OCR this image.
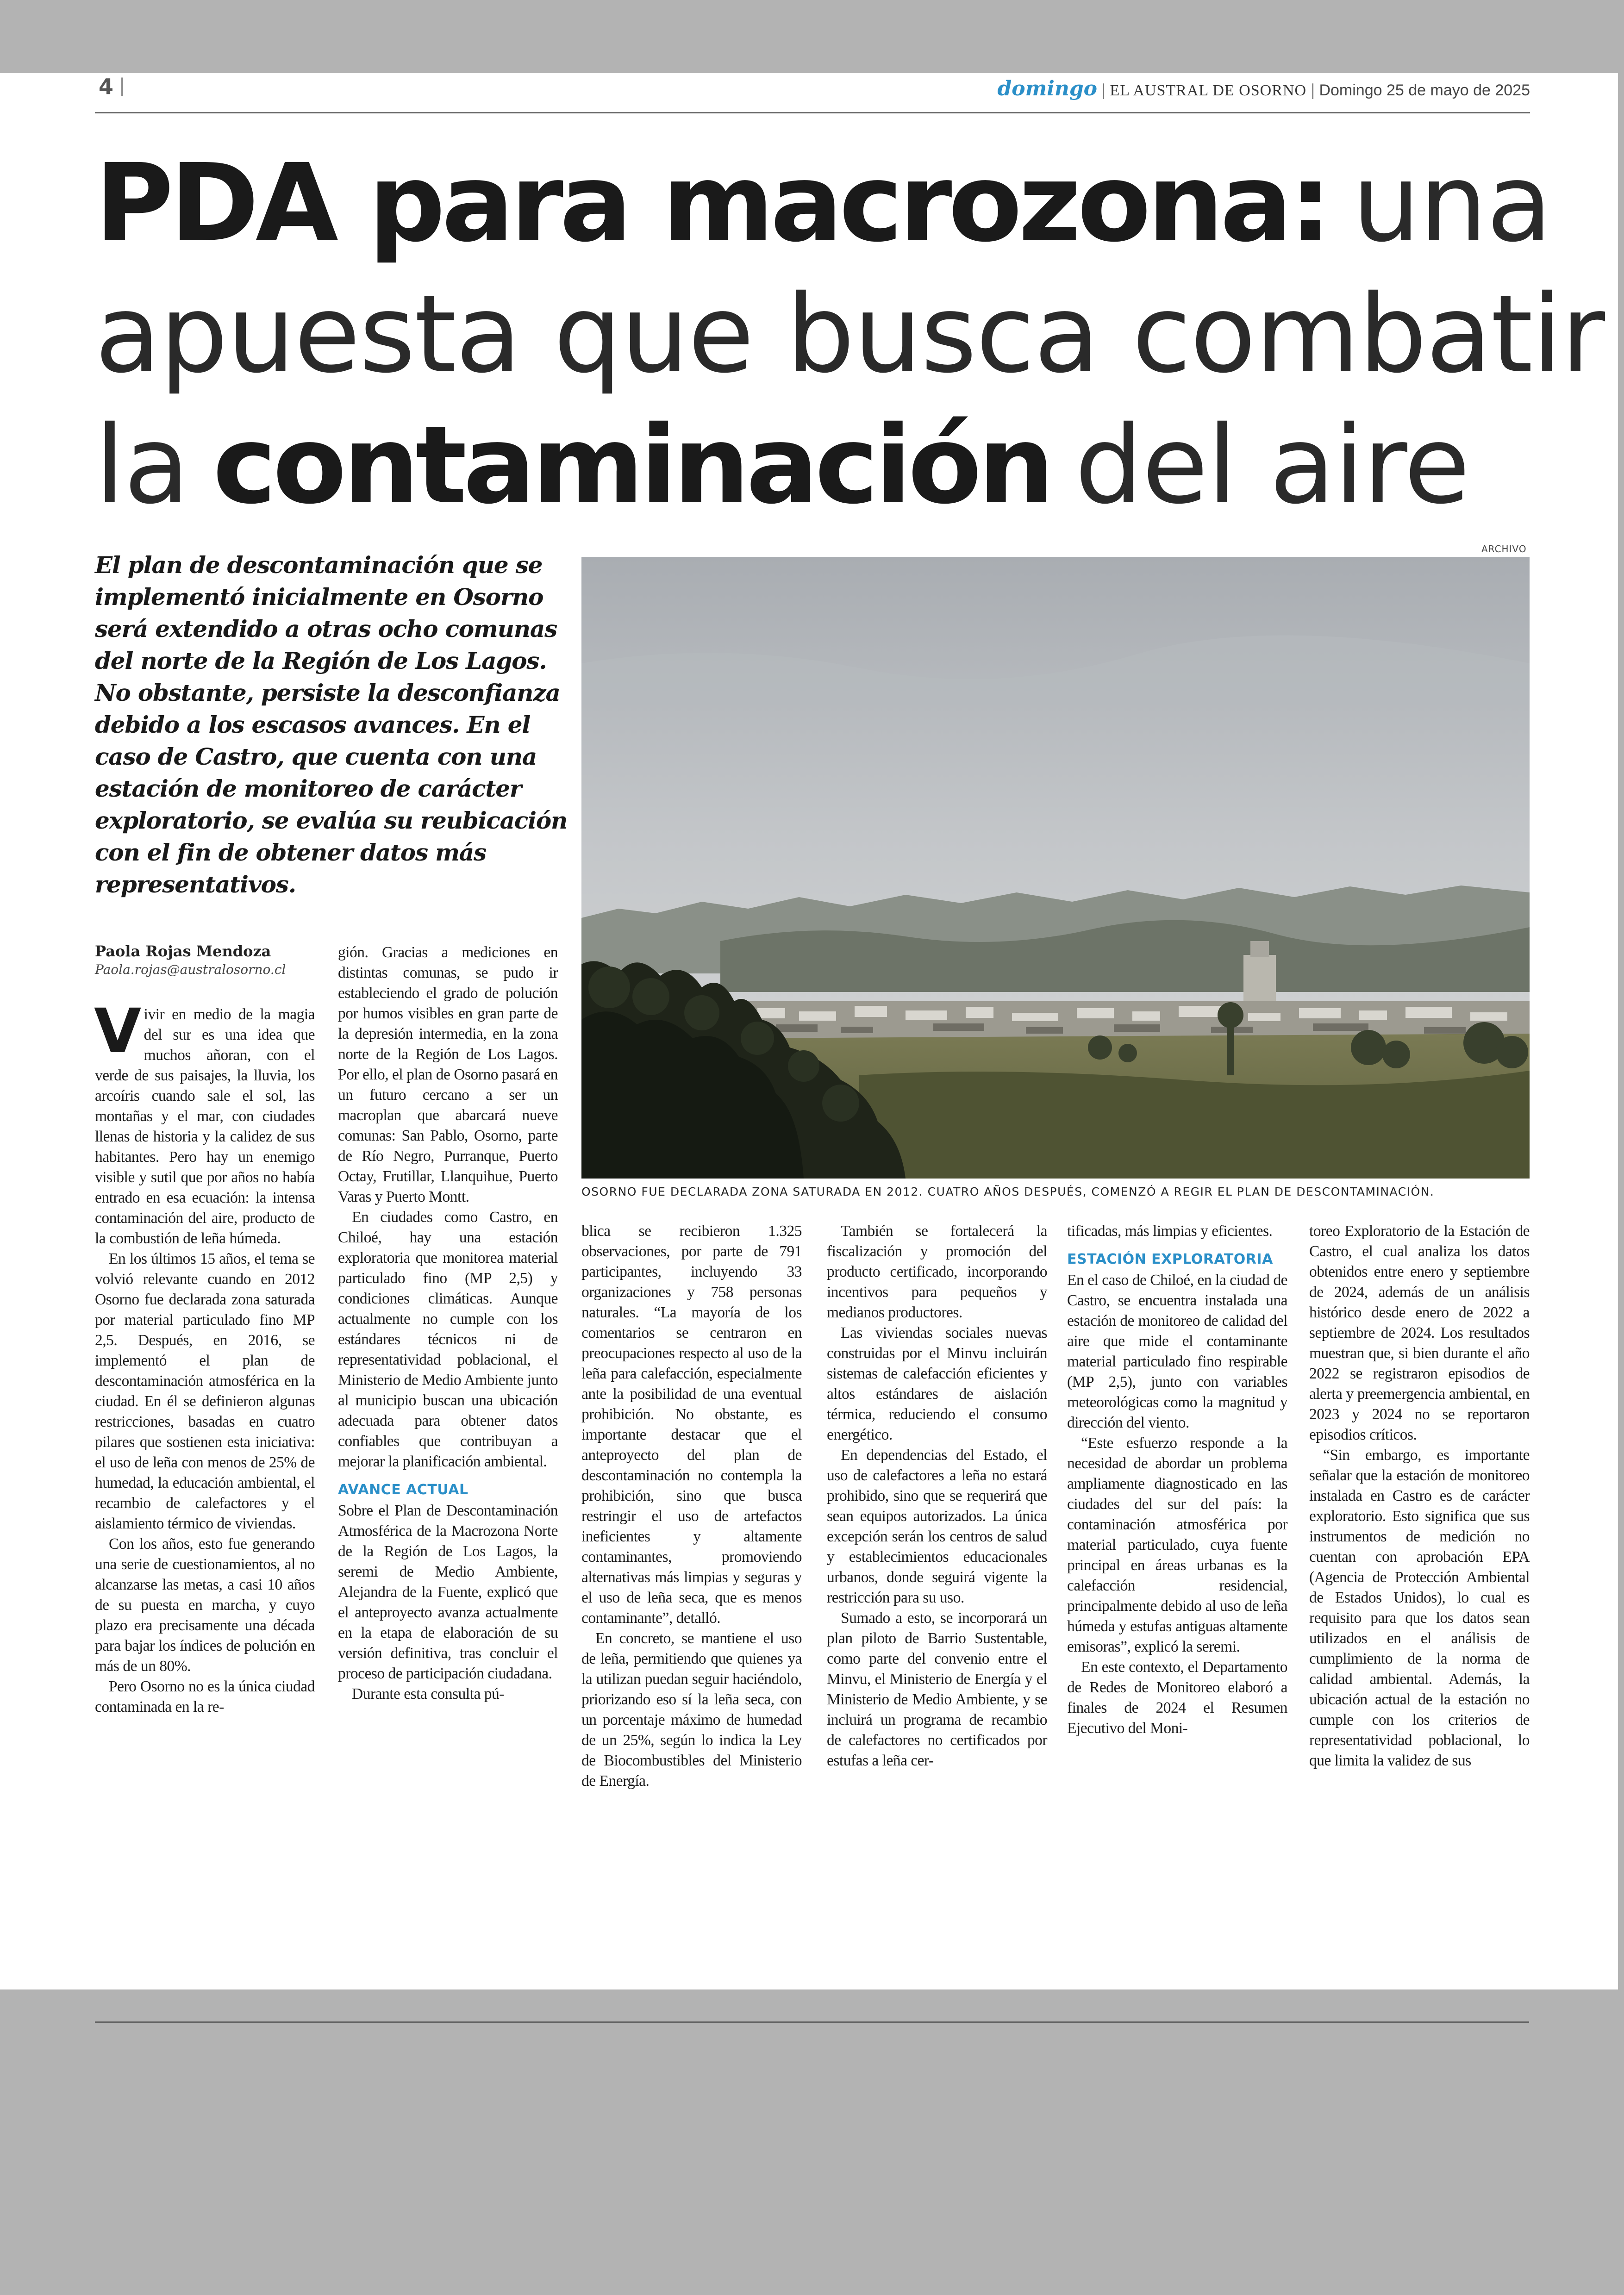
4 |	domingo | EL AUSTRAL DE OSORNO | Domingo 25 de mayo de 2025
PDA para macrozona: una
apuesta que busca combatir
la contaminación del aire
El plan de descontaminación que se implementó inicialmente en Osorno será extendido a otras ocho comunas del norte de la Región de Los Lagos. No obstante, persiste la desconfianza debido a los escasos avances. En el caso de Castro, que cuenta con una estación de monitoreo de carácter exploratorio, se evalúa su reubicación con el fin de obtener datos más representativos.
ARCHIVO
OSORNO FUE DECLARADA ZONA SATURADA EN 2012. CUATRO AÑOS DESPUÉS, COMENZÓ A REGIR EL PLAN DE DESCONTAMINACIÓN.
Paola Rojas Mendoza
Paola.rojas@australosorno.cl

Vivir en medio de la magia del sur es una idea que muchos añoran, con el verde de sus paisajes, la lluvia, los arcoíris cuando sale el sol, las montañas y el mar, con ciudades llenas de historia y la calidez de sus habitantes. Pero hay un enemigo visible y sutil que por años no había entrado en esa ecuación: la intensa contaminación del aire, producto de la combustión de leña húmeda.

En los últimos 15 años, el tema se volvió relevante cuando en 2012 Osorno fue declarada zona saturada por material particulado fino MP 2,5. Después, en 2016, se implementó el plan de descontaminación atmosférica en la ciudad. En él se definieron algunas restricciones, basadas en cuatro pilares que sostienen esta iniciativa: el uso de leña con menos de 25% de humedad, la educación ambiental, el recambio de calefactores y el aislamiento térmico de viviendas.

Con los años, esto fue generando una serie de cuestionamientos, al no alcanzarse las metas, a casi 10 años de su puesta en marcha, y cuyo plazo era precisamente una década para bajar los índices de polución en más de un 80%.

Pero Osorno no es la única ciudad contaminada en la re-

gión. Gracias a mediciones en distintas comunas, se pudo ir estableciendo el grado de polución por humos visibles en gran parte de la depresión intermedia, en la zona norte de la Región de Los Lagos. Por ello, el plan de Osorno pasará en un futuro cercano a ser un macroplan que abarcará nueve comunas: San Pablo, Osorno, parte de Río Negro, Purranque, Puerto Octay, Frutillar, Llanquihue, Puerto Varas y Puerto Montt.

En ciudades como Castro, en Chiloé, hay una estación exploratoria que monitorea material particulado fino (MP 2,5) y condiciones climáticas. Aunque actualmente no cumple con los estándares técnicos ni de representatividad poblacional, el Ministerio de Medio Ambiente junto al municipio buscan una ubicación adecuada para obtener datos confiables que contribuyan a mejorar la planificación ambiental.

AVANCE ACTUAL

Sobre el Plan de Descontaminación Atmosférica de la Macrozona Norte de la Región de Los Lagos, la seremi de Medio Ambiente, Alejandra de la Fuente, explicó que el anteproyecto avanza actualmente en la etapa de elaboración de su versión definitiva, tras concluir el proceso de participación ciudadana.

Durante esta consulta pú-

blica se recibieron 1.325 observaciones, por parte de 791 participantes, incluyendo 33 organizaciones y 758 personas naturales. “La mayoría de los comentarios se centraron en preocupaciones respecto al uso de la leña para calefacción, especialmente ante la posibilidad de una eventual prohibición. No obstante, es importante destacar que el anteproyecto del plan de descontaminación no contempla la prohibición, sino que busca restringir el uso de artefactos ineficientes y altamente contaminantes, promoviendo alternativas más limpias y seguras y el uso de leña seca, que es menos contaminante”, detalló.

En concreto, se mantiene el uso de leña, permitiendo que quienes ya la utilizan puedan seguir haciéndolo, priorizando eso sí la leña seca, con un porcentaje máximo de humedad de un 25%, según lo indica la Ley de Biocombustibles del Ministerio de Energía.

También se fortalecerá la fiscalización y promoción del producto certificado, incorporando incentivos para pequeños y medianos productores.

Las viviendas sociales nuevas construidas por el Minvu incluirán sistemas de calefacción eficientes y altos estándares de aislación térmica, reduciendo el consumo energético.

En dependencias del Estado, el uso de calefactores a leña no estará prohibido, sino que se requerirá que sean equipos autorizados. La única excepción serán los centros de salud y establecimientos educacionales urbanos, donde seguirá vigente la restricción para su uso.

Sumado a esto, se incorporará un plan piloto de Barrio Sustentable, como parte del convenio entre el Minvu, el Ministerio de Energía y el Ministerio de Medio Ambiente, y se incluirá un programa de recambio de calefactores no certificados por estufas a leña cer-

tificadas, más limpias y eficientes.

ESTACIÓN EXPLORATORIA

En el caso de Chiloé, en la ciudad de Castro, se encuentra instalada una estación de monitoreo de calidad del aire que mide el contaminante material particulado fino respirable (MP 2,5), junto con variables meteorológicas como la magnitud y dirección del viento.

“Este esfuerzo responde a la necesidad de abordar un problema ampliamente diagnosticado en las ciudades del sur del país: la contaminación atmosférica por material particulado, cuya fuente principal en áreas urbanas es la calefacción residencial, principalmente debido al uso de leña húmeda y estufas antiguas altamente emisoras”, explicó la seremi.

En este contexto, el Departamento de Redes de Monitoreo elaboró a finales de 2024 el Resumen Ejecutivo del Moni-

toreo Exploratorio de la Estación de Castro, el cual analiza los datos obtenidos entre enero y septiembre de 2024, además de un análisis histórico desde enero de 2022 a septiembre de 2024. Los resultados muestran que, si bien durante el año 2022 se registraron episodios de alerta y preemergencia ambiental, en 2023 y 2024 no se reportaron episodios críticos.

“Sin embargo, es importante señalar que la estación de monitoreo instalada en Castro es de carácter exploratorio. Esto significa que sus instrumentos de medición no cuentan con aprobación EPA (Agencia de Protección Ambiental de Estados Unidos), lo cual es requisito para que los datos sean utilizados en el análisis de cumplimiento de la norma de calidad ambiental. Además, la ubicación actual de la estación no cumple con los criterios de representatividad poblacional, lo que limita la validez de sus
